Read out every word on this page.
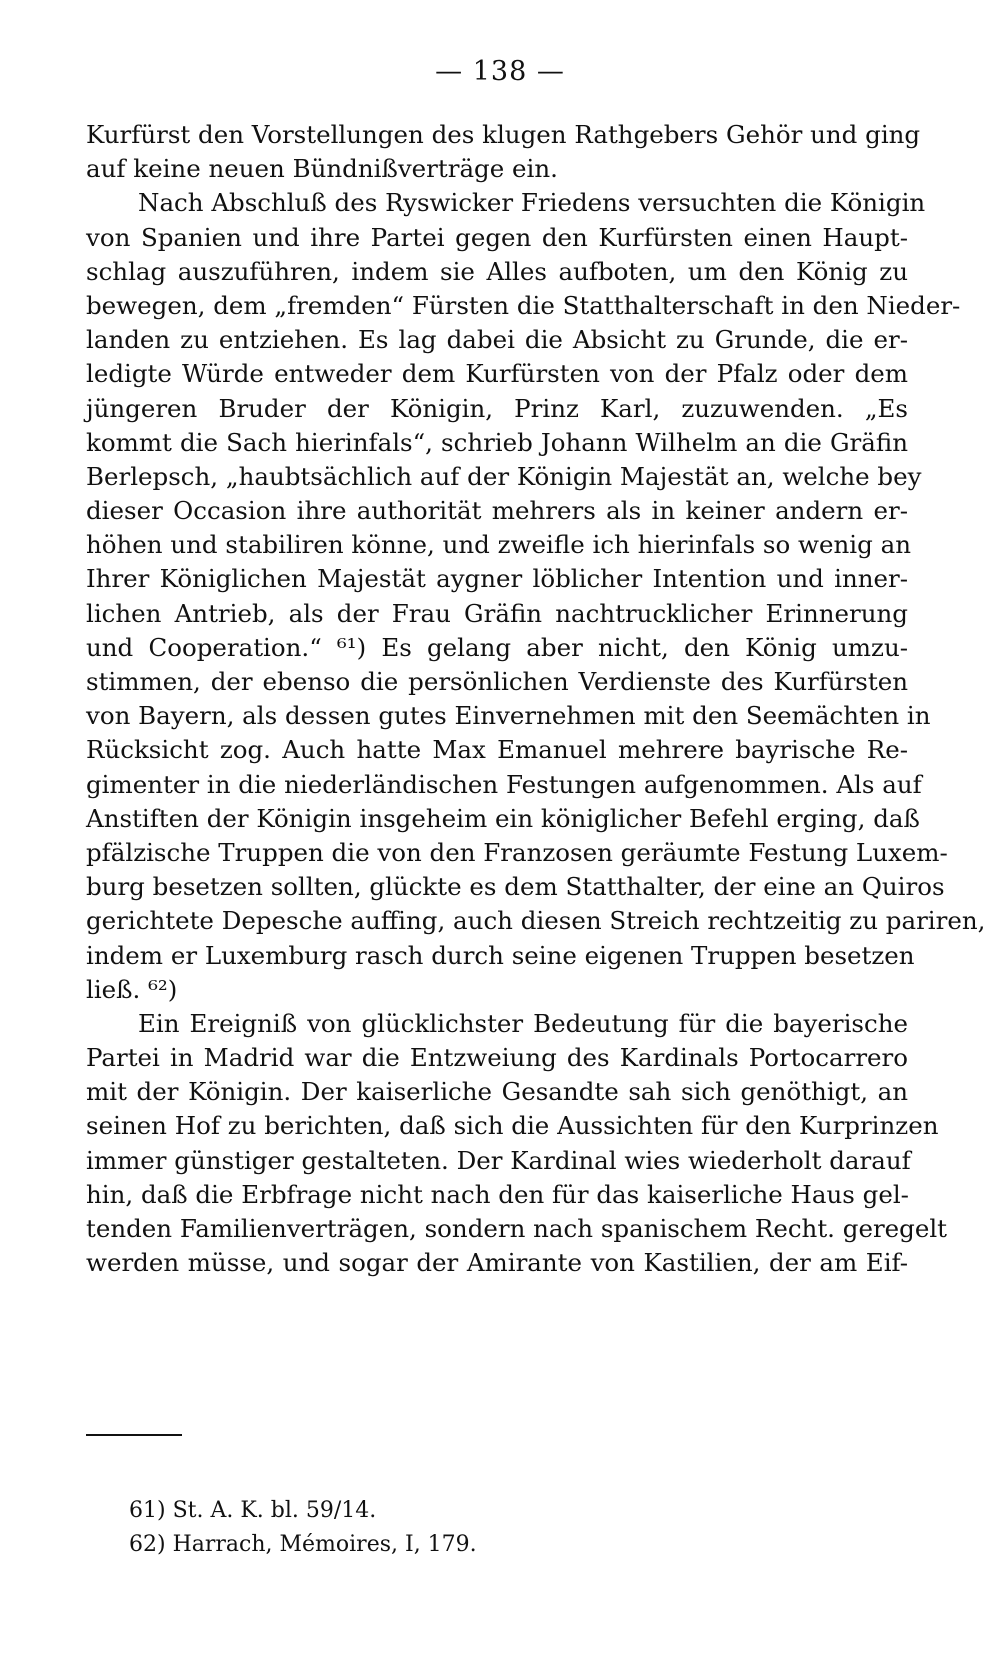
— 138 —
Kurfürst den Vorstellungen des klugen Rathgebers Gehör und ging
auf keine neuen Bündnißverträge ein.
Nach Abschluß des Ryswicker Friedens versuchten die Königin
von Spanien und ihre Partei gegen den Kurfürsten einen Haupt-
schlag auszuführen, indem sie Alles aufboten, um den König zu
bewegen, dem „fremden“ Fürsten die Statthalterschaft in den Nieder-
landen zu entziehen. Es lag dabei die Absicht zu Grunde, die er-
ledigte Würde entweder dem Kurfürsten von der Pfalz oder dem
jüngeren Bruder der Königin, Prinz Karl, zuzuwenden. „Es
kommt die Sach hierinfals“, schrieb Johann Wilhelm an die Gräfin
Berlepsch, „haubtsächlich auf der Königin Majestät an, welche bey
dieser Occasion ihre authorität mehrers als in keiner andern er-
höhen und stabiliren könne, und zweifle ich hierinfals so wenig an
Ihrer Königlichen Majestät aygner löblicher Intention und inner-
lichen Antrieb, als der Frau Gräfin nachtrucklicher Erinnerung
und Cooperation.“ ⁶¹) Es gelang aber nicht, den König umzu-
stimmen, der ebenso die persönlichen Verdienste des Kurfürsten
von Bayern, als dessen gutes Einvernehmen mit den Seemächten in
Rücksicht zog. Auch hatte Max Emanuel mehrere bayrische Re-
gimenter in die niederländischen Festungen aufgenommen. Als auf
Anstiften der Königin insgeheim ein königlicher Befehl erging, daß
pfälzische Truppen die von den Franzosen geräumte Festung Luxem-
burg besetzen sollten, glückte es dem Statthalter, der eine an Quiros
gerichtete Depesche auffing, auch diesen Streich rechtzeitig zu pariren,
indem er Luxemburg rasch durch seine eigenen Truppen besetzen
ließ. ⁶²)
Ein Ereigniß von glücklichster Bedeutung für die bayerische
Partei in Madrid war die Entzweiung des Kardinals Portocarrero
mit der Königin. Der kaiserliche Gesandte sah sich genöthigt, an
seinen Hof zu berichten, daß sich die Aussichten für den Kurprinzen
immer günstiger gestalteten. Der Kardinal wies wiederholt darauf
hin, daß die Erbfrage nicht nach den für das kaiserliche Haus gel-
tenden Familienverträgen, sondern nach spanischem Recht. geregelt
werden müsse, und sogar der Amirante von Kastilien, der am Eif-
61) St. A. K. bl. 59/14.
62) Harrach, Mémoires, I, 179.
